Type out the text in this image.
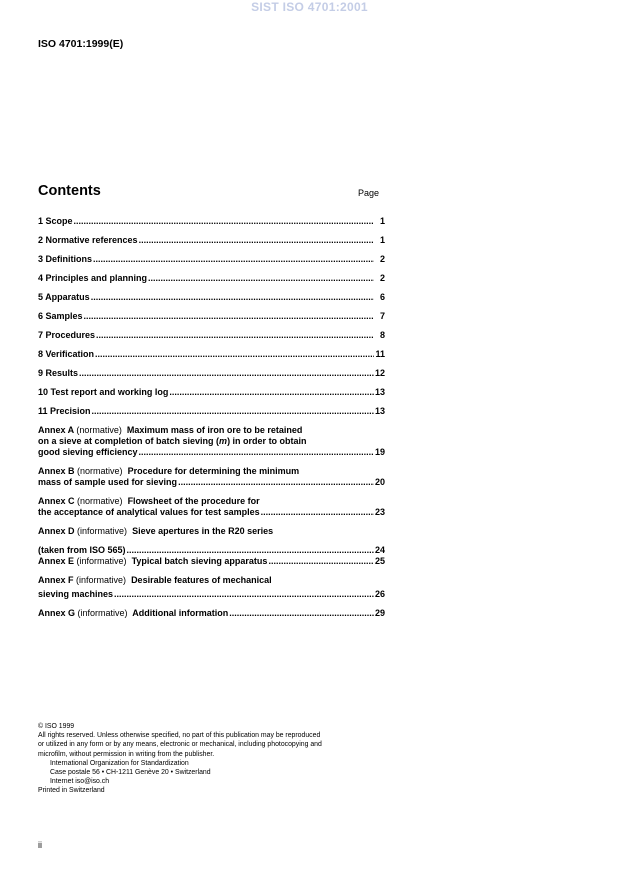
SIST ISO 4701:2001
ISO 4701:1999(E)
Contents	Page
1 Scope .....	1
2 Normative references .....	1
3 Definitions .....	2
4 Principles and planning .....	2
5 Apparatus .....	6
6 Samples .....	7
7 Procedures .....	8
8 Verification .....	11
9 Results .....	12
10 Test report and working log .....	13
11 Precision .....	13
Annex A (normative) Maximum mass of iron ore to be retained
on a sieve at completion of batch sieving (m) in order to obtain
good sieving efficiency .....	19
Annex B (normative) Procedure for determining the minimum
mass of sample used for sieving .....	20
Annex C (normative) Flowsheet of the procedure for
the acceptance of analytical values for test samples .....	23
Annex D (informative) Sieve apertures in the R20 series
(taken from ISO 565) .....	24
Annex E (informative) Typical batch sieving apparatus .....	25
Annex F (informative) Desirable features of mechanical
sieving machines .....	26
Annex G (informative) Additional information .....	29
© ISO 1999
All rights reserved. Unless otherwise specified, no part of this publication may be reproduced
or utilized in any form or by any means, electronic or mechanical, including photocopying and
microfilm, without permission in writing from the publisher.
International Organization for Standardization
Case postale 56 • CH-1211 Genève 20 • Switzerland
Internet iso@iso.ch
Printed in Switzerland
ii
